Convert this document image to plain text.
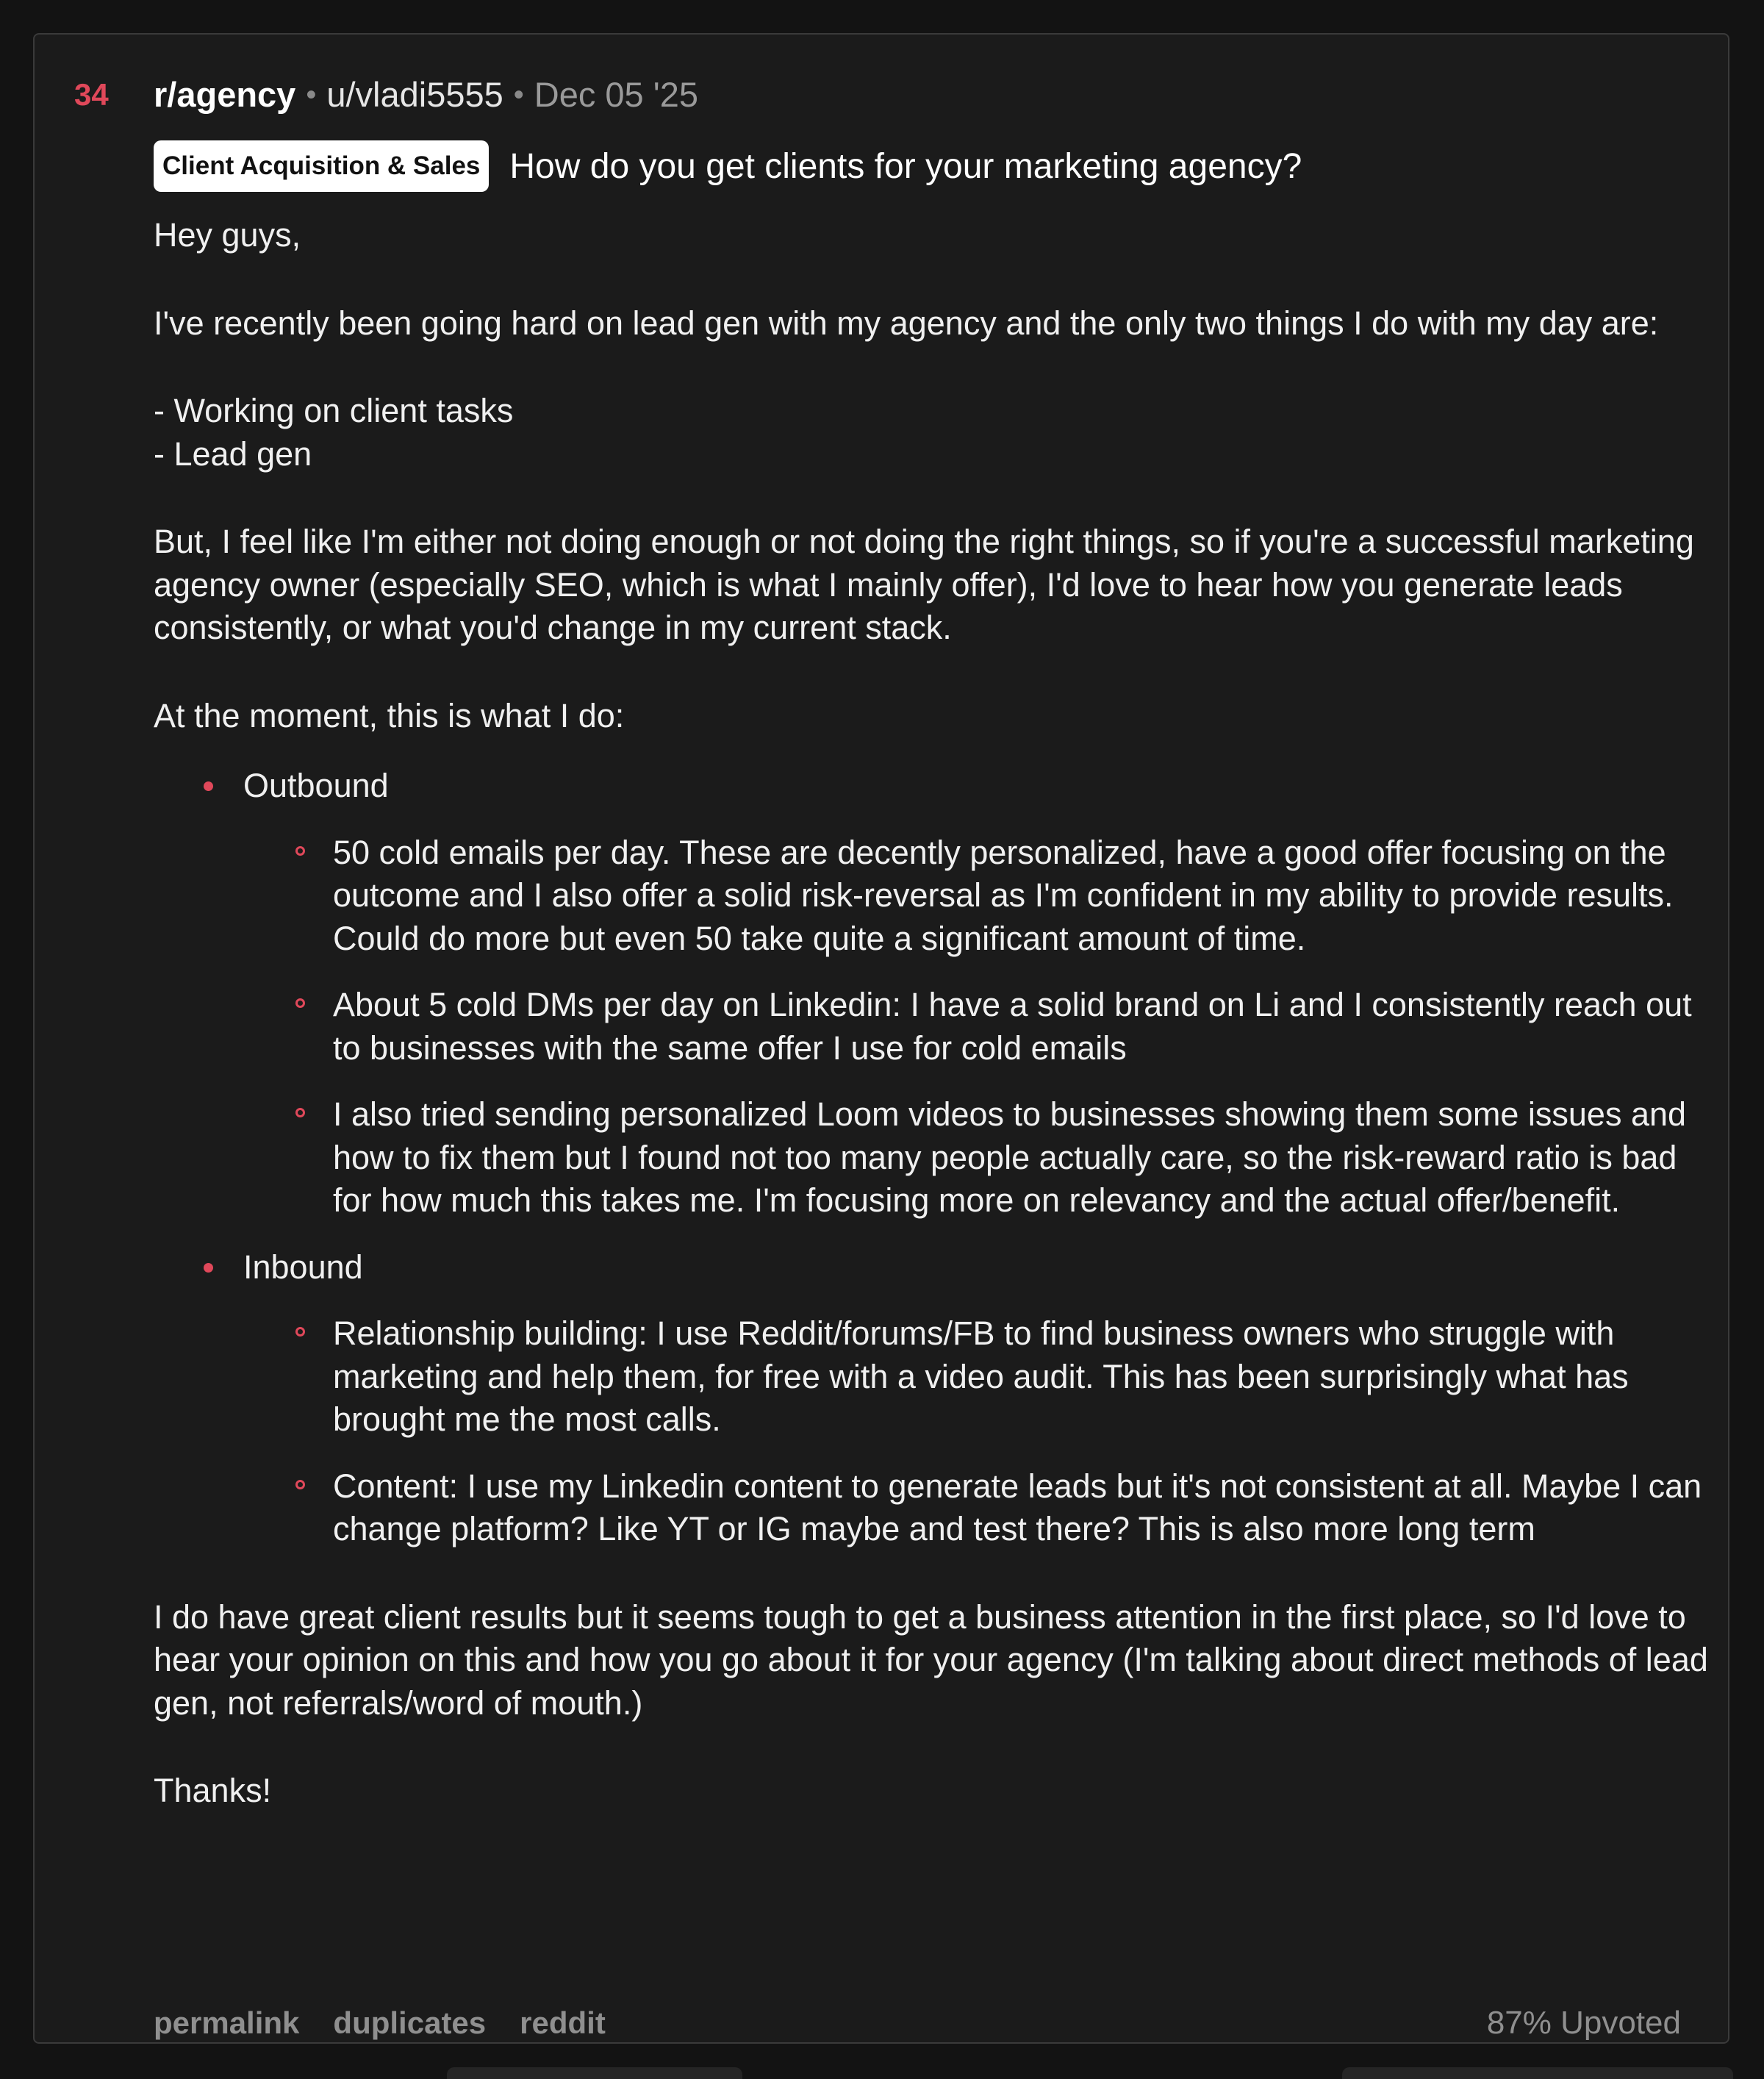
34 r/agency • u/vladi5555 • Dec 05 '25
Client Acquisition & Sales How do you get clients for your marketing agency?

Hey guys,

I've recently been going hard on lead gen with my agency and the only two things I do with my day are:

- Working on client tasks
- Lead gen

But, I feel like I'm either not doing enough or not doing the right things, so if you're a successful marketing agency owner (especially SEO, which is what I mainly offer), I'd love to hear how you generate leads consistently, or what you'd change in my current stack.

At the moment, this is what I do:

Outbound
50 cold emails per day. These are decently personalized, have a good offer focusing on the outcome and I also offer a solid risk-reversal as I'm confident in my ability to provide results. Could do more but even 50 take quite a significant amount of time.
About 5 cold DMs per day on Linkedin: I have a solid brand on Li and I consistently reach out to businesses with the same offer I use for cold emails
I also tried sending personalized Loom videos to businesses showing them some issues and how to fix them but I found not too many people actually care, so the risk-reward ratio is bad for how much this takes me. I'm focusing more on relevancy and the actual offer/benefit.
Inbound
Relationship building: I use Reddit/forums/FB to find business owners who struggle with marketing and help them, for free with a video audit. This has been surprisingly what has brought me the most calls.
Content: I use my Linkedin content to generate leads but it's not consistent at all. Maybe I can change platform? Like YT or IG maybe and test there? This is also more long term

I do have great client results but it seems tough to get a business attention in the first place, so I'd love to hear your opinion on this and how you go about it for your agency (I'm talking about direct methods of lead gen, not referrals/word of mouth.)

Thanks!

permalink duplicates reddit	87% Upvoted
